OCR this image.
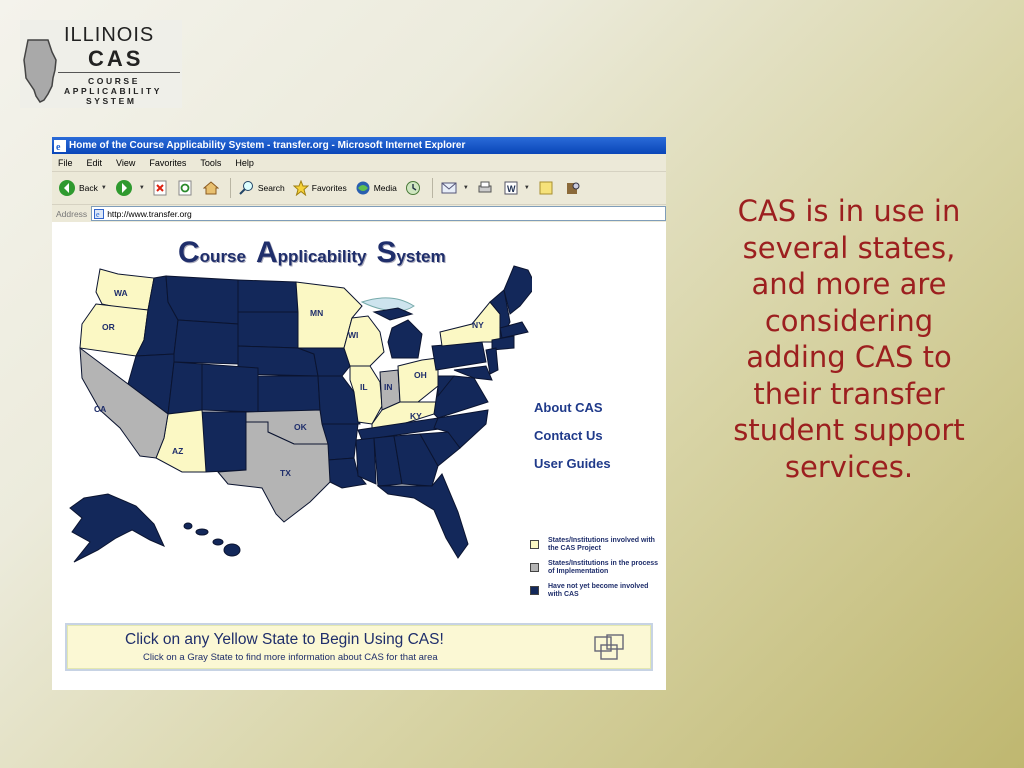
ILLINOIS
CAS
COURSE
APPLICABILITY
SYSTEM
e Home of the Course Applicability System - transfer.org - Microsoft Internet Explorer
File Edit View Favorites Tools Help
Back ▼	▼	Search	Favorites	Media	▼	W ▼
Address e http://www.transfer.org
Course Applicability System
WA
OR
MN
WI
NY
OH
IL
KY
AZ
CA
IN
OK
TX
About CAS
Contact Us
User Guides
States/Institutions involved with the CAS Project
States/Institutions in the process of Implementation
Have not yet become involved with CAS
Click on any Yellow State to Begin Using CAS!
Click on a Gray State to find more information about CAS for that area
CAS is in use in
several states,
and more are
considering
adding CAS to
their transfer
student support
services.
